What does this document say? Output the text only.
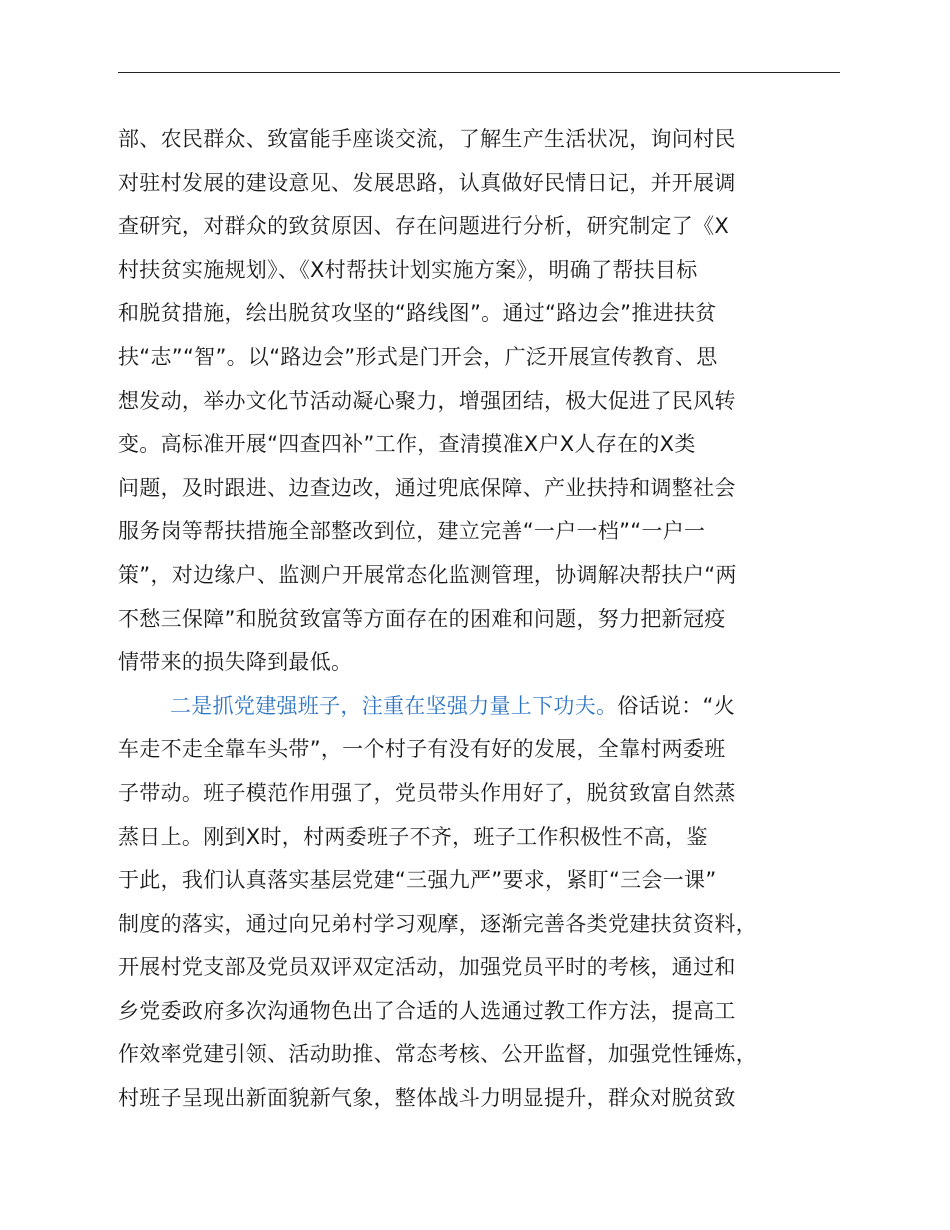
部、农民群众、致富能手座谈交流，了解生产生活状况，询问村民
对驻村发展的建设意见、发展思路，认真做好民情日记，并开展调
查研究，对群众的致贫原因、存在问题进行分析，研究制定了《X
村扶贫实施规划》、《X村帮扶计划实施方案》，明确了帮扶目标
和脱贫措施，绘出脱贫攻坚的“路线图”。通过“路边会”推进扶贫
扶“志”“智”。以“路边会”形式是门开会，广泛开展宣传教育、思
想发动，举办文化节活动凝心聚力，增强团结，极大促进了民风转
变。高标准开展“四查四补”工作，查清摸准X户X人存在的X类
问题，及时跟进、边查边改，通过兜底保障、产业扶持和调整社会
服务岗等帮扶措施全部整改到位，建立完善“一户一档”“一户一
策”，对边缘户、监测户开展常态化监测管理，协调解决帮扶户“两
不愁三保障”和脱贫致富等方面存在的困难和问题，努力把新冠疫
情带来的损失降到最低。
二是抓党建强班子，注重在坚强力量上下功夫。俗话说：“火
车走不走全靠车头带”，一个村子有没有好的发展，全靠村两委班
子带动。班子模范作用强了，党员带头作用好了，脱贫致富自然蒸
蒸日上。刚到X时，村两委班子不齐，班子工作积极性不高，鉴
于此，我们认真落实基层党建“三强九严”要求，紧盯“三会一课”
制度的落实，通过向兄弟村学习观摩，逐渐完善各类党建扶贫资料，
开展村党支部及党员双评双定活动，加强党员平时的考核，通过和
乡党委政府多次沟通物色出了合适的人选通过教工作方法，提高工
作效率党建引领、活动助推、常态考核、公开监督，加强党性锤炼，
村班子呈现出新面貌新气象，整体战斗力明显提升，群众对脱贫致
